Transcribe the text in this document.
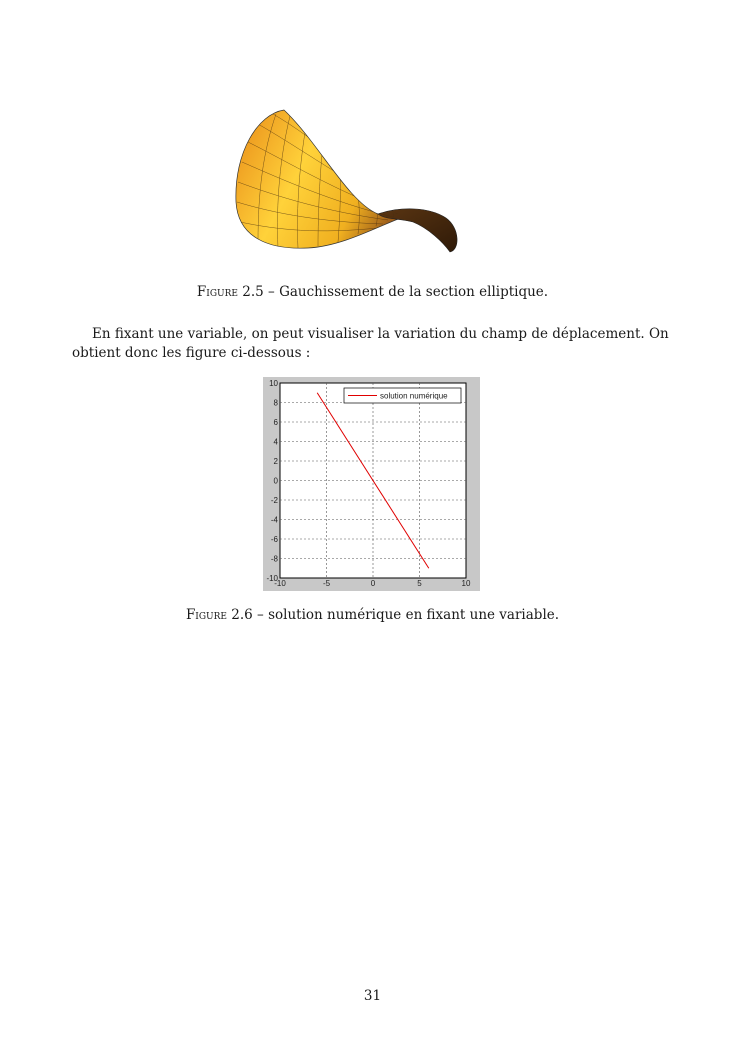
Figure 2.5 – Gauchissement de la section elliptique.
En fixant une variable, on peut visualiser la variation du champ de déplacement. On obtient donc les figure ci-dessous :
-10	-5	0	5	10
-10
-8
-6
-4
-2
0
2
4
6
8
10
solution numérique
Figure 2.6 – solution numérique en fixant une variable.
31
